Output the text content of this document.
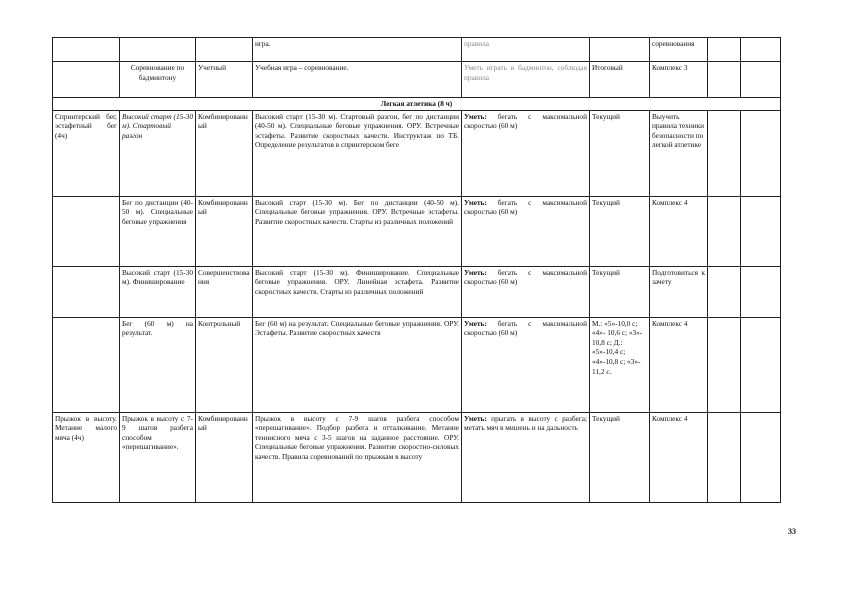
			игра.	правила		соревнования		
	Соревнование по бадминтону	Учетный	Учебная игра – соревнование.	Уметь играть в бадминтон, соблюдая правила	Итоговый	Комплекс 3		
Легкая атлетика (8 ч)								
Спринтерский бег, эстафетный бег (4ч)	Высокий старт (15-30 м). Стартовый разгон	Комбинированный	Высокий старт (15-30 м). Стартовый разгон, бег по дистанции (40-50 м). Специальные беговые упражнения. ОРУ. Встречные эстафеты. Развитие скоростных качеств. Инструктаж по ТБ. Определение результатов в спринтерском беге	Уметь: бегать с максимальной скоростью (60 м)	Текущий	Выучить правила техники безопасности по легкой атлетике		
	Бег по дистанции (40-50 м). Специальные беговые упражнения	Комбинированный	Высокий старт (15-30 м). Бег по дистанции (40-50 м). Специальные беговые упражнения. ОРУ. Встречные эстафеты. Развитие скоростных качеств. Старты из различных положений	Уметь: бегать с максимальной скоростью (60 м)	Текущий	Комплекс 4		
	Высокий старт (15-30 м). Финиширование	Совершенствования	Высокий старт (15-30 м). Финиширование. Специальные беговые упражнения. ОРУ. Линейная эстафета. Развитие скоростных качеств. Старты из различных положений	Уметь: бегать с максимальной скоростью (60 м)	Текущий	Подготовиться к зачету		
	Бег (60 м) на результат.	Контрольный	Бег (60 м) на результат. Специальные беговые упражнения. ОРУ. Эстафеты. Развитие скоростных качеств	Уметь: бегать с максимальной скоростью (60 м)	М.: «5»-10,0 с; «4»- 10,6 с; «3»- 10,8 с; Д.: «5»-10,4 с; «4»-10,8 с; «3»- 11,2 с.	Комплекс 4		
Прыжок в высоту. Метание малого мяча (4ч)	Прыжок в высоту с 7-9 шагов разбега способом «перешагивание».	Комбинированный	Прыжок в высоту с 7-9 шагов разбега способом «перешагивание». Подбор разбега и отталкивание. Метание теннисного мяча с 3-5 шагов на заданное расстояние. ОРУ. Специальные беговые упражнения. Развитие скоростно-силовых качеств. Правила соревнований по прыжкам в высоту	Уметь: прыгать в высоту с разбега; метать мяч в мишень и на дальность	Текущий	Комплекс 4		
33
